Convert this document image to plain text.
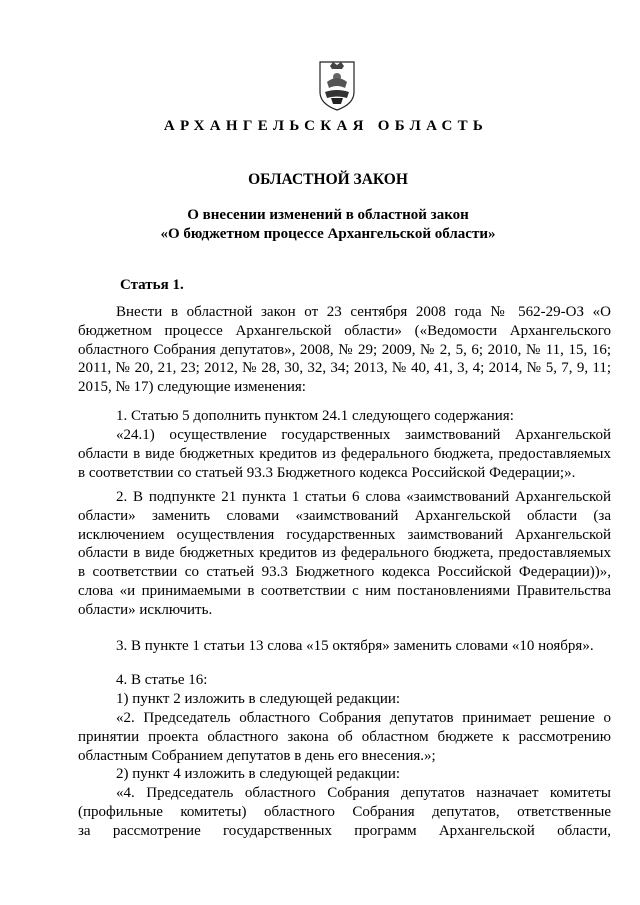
АРХАНГЕЛЬСКАЯ ОБЛАСТЬ
ОБЛАСТНОЙ ЗАКОН
О внесении изменений в областной закон
«О бюджетном процессе Архангельской области»
Статья 1.

Внести в областной закон от 23 сентября 2008 года № 562-29-ОЗ «О бюджетном процессе Архангельской области» («Ведомости Архангельского областного Собрания депутатов», 2008, № 29; 2009, № 2, 5, 6; 2010, № 11, 15, 16; 2011, № 20, 21, 23; 2012, № 28, 30, 32, 34; 2013, № 40, 41, 3, 4; 2014, № 5, 7, 9, 11; 2015, № 17) следующие изменения:

1. Статью 5 дополнить пунктом 24.1 следующего содержания:

«24.1) осуществление государственных заимствований Архангельской области в виде бюджетных кредитов из федерального бюджета, предоставляемых в соответствии со статьей 93.3 Бюджетного кодекса Российской Федерации;».

2. В подпункте 21 пункта 1 статьи 6 слова «заимствований Архангельской области» заменить словами «заимствований Архангельской области (за исключением осуществления государственных заимствований Архангельской области в виде бюджетных кредитов из федерального бюджета, предоставляемых в соответствии со статьей 93.3 Бюджетного кодекса Российской Федерации))», слова «и принимаемыми в соответствии с ним постановлениями Правительства области» исключить.

3. В пункте 1 статьи 13 слова «15 октября» заменить словами «10 ноября».
4. В статье 16:
1) пункт 2 изложить в следующей редакции:

«2. Председатель областного Собрания депутатов принимает решение о принятии проекта областного закона об областном бюджете к рассмотрению областным Собранием депутатов в день его внесения.»;

2) пункт 4 изложить в следующей редакции:
«4. Председатель областного Собрания депутатов назначает комитеты
(профильные комитеты) областного Собрания депутатов, ответственные
за рассмотрение государственных программ Архангельской области,
